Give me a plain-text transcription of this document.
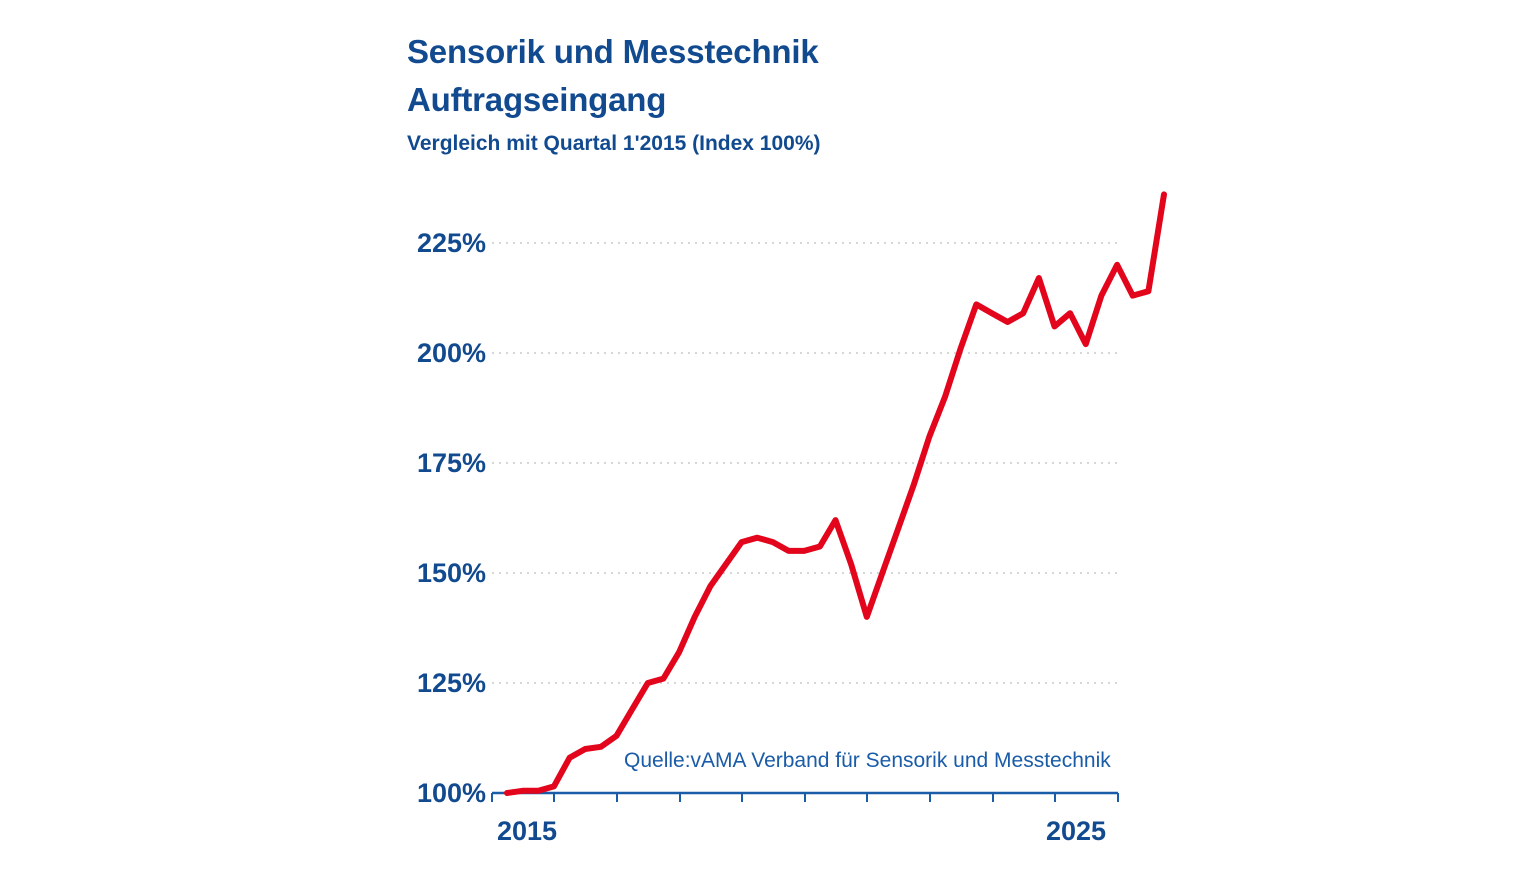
Sensorik und Messtechnik
Auftragseingang
Vergleich mit Quartal 1'2015 (Index 100%)
225%
200%
175%
150%
125%
100%
2015	2025
Quelle:vAMA Verband für Sensorik und Messtechnik
